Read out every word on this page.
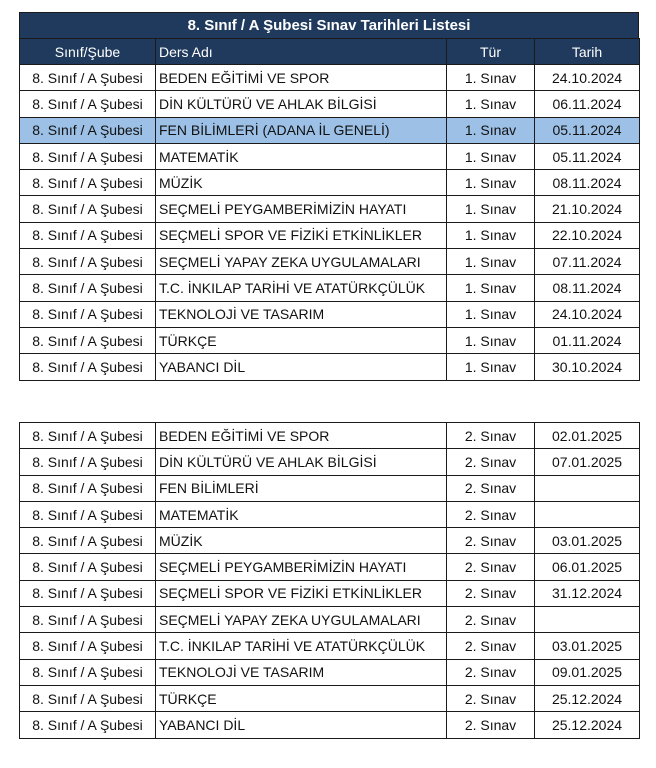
8. Sınıf / A Şubesi Sınav Tarihleri Listesi
Sınıf/Şube	Ders Adı	Tür	Tarih
8. Sınıf / A Şubesi	BEDEN EĞİTİMİ VE SPOR	1. Sınav	24.10.2024
8. Sınıf / A Şubesi	DİN KÜLTÜRÜ VE AHLAK BİLGİSİ	1. Sınav	06.11.2024
8. Sınıf / A Şubesi	FEN BİLİMLERİ (ADANA İL GENELİ)	1. Sınav	05.11.2024
8. Sınıf / A Şubesi	MATEMATİK	1. Sınav	05.11.2024
8. Sınıf / A Şubesi	MÜZİK	1. Sınav	08.11.2024
8. Sınıf / A Şubesi	SEÇMELİ PEYGAMBERİMİZİN HAYATI	1. Sınav	21.10.2024
8. Sınıf / A Şubesi	SEÇMELİ SPOR VE FİZİKİ ETKİNLİKLER	1. Sınav	22.10.2024
8. Sınıf / A Şubesi	SEÇMELİ YAPAY ZEKA UYGULAMALARI	1. Sınav	07.11.2024
8. Sınıf / A Şubesi	T.C. İNKILAP TARİHİ VE ATATÜRKÇÜLÜK	1. Sınav	08.11.2024
8. Sınıf / A Şubesi	TEKNOLOJİ VE TASARIM	1. Sınav	24.10.2024
8. Sınıf / A Şubesi	TÜRKÇE	1. Sınav	01.11.2024
8. Sınıf / A Şubesi	YABANCI DİL	1. Sınav	30.10.2024
8. Sınıf / A Şubesi	BEDEN EĞİTİMİ VE SPOR	2. Sınav	02.01.2025
8. Sınıf / A Şubesi	DİN KÜLTÜRÜ VE AHLAK BİLGİSİ	2. Sınav	07.01.2025
8. Sınıf / A Şubesi	FEN BİLİMLERİ	2. Sınav	
8. Sınıf / A Şubesi	MATEMATİK	2. Sınav	
8. Sınıf / A Şubesi	MÜZİK	2. Sınav	03.01.2025
8. Sınıf / A Şubesi	SEÇMELİ PEYGAMBERİMİZİN HAYATI	2. Sınav	06.01.2025
8. Sınıf / A Şubesi	SEÇMELİ SPOR VE FİZİKİ ETKİNLİKLER	2. Sınav	31.12.2024
8. Sınıf / A Şubesi	SEÇMELİ YAPAY ZEKA UYGULAMALARI	2. Sınav	
8. Sınıf / A Şubesi	T.C. İNKILAP TARİHİ VE ATATÜRKÇÜLÜK	2. Sınav	03.01.2025
8. Sınıf / A Şubesi	TEKNOLOJİ VE TASARIM	2. Sınav	09.01.2025
8. Sınıf / A Şubesi	TÜRKÇE	2. Sınav	25.12.2024
8. Sınıf / A Şubesi	YABANCI DİL	2. Sınav	25.12.2024
